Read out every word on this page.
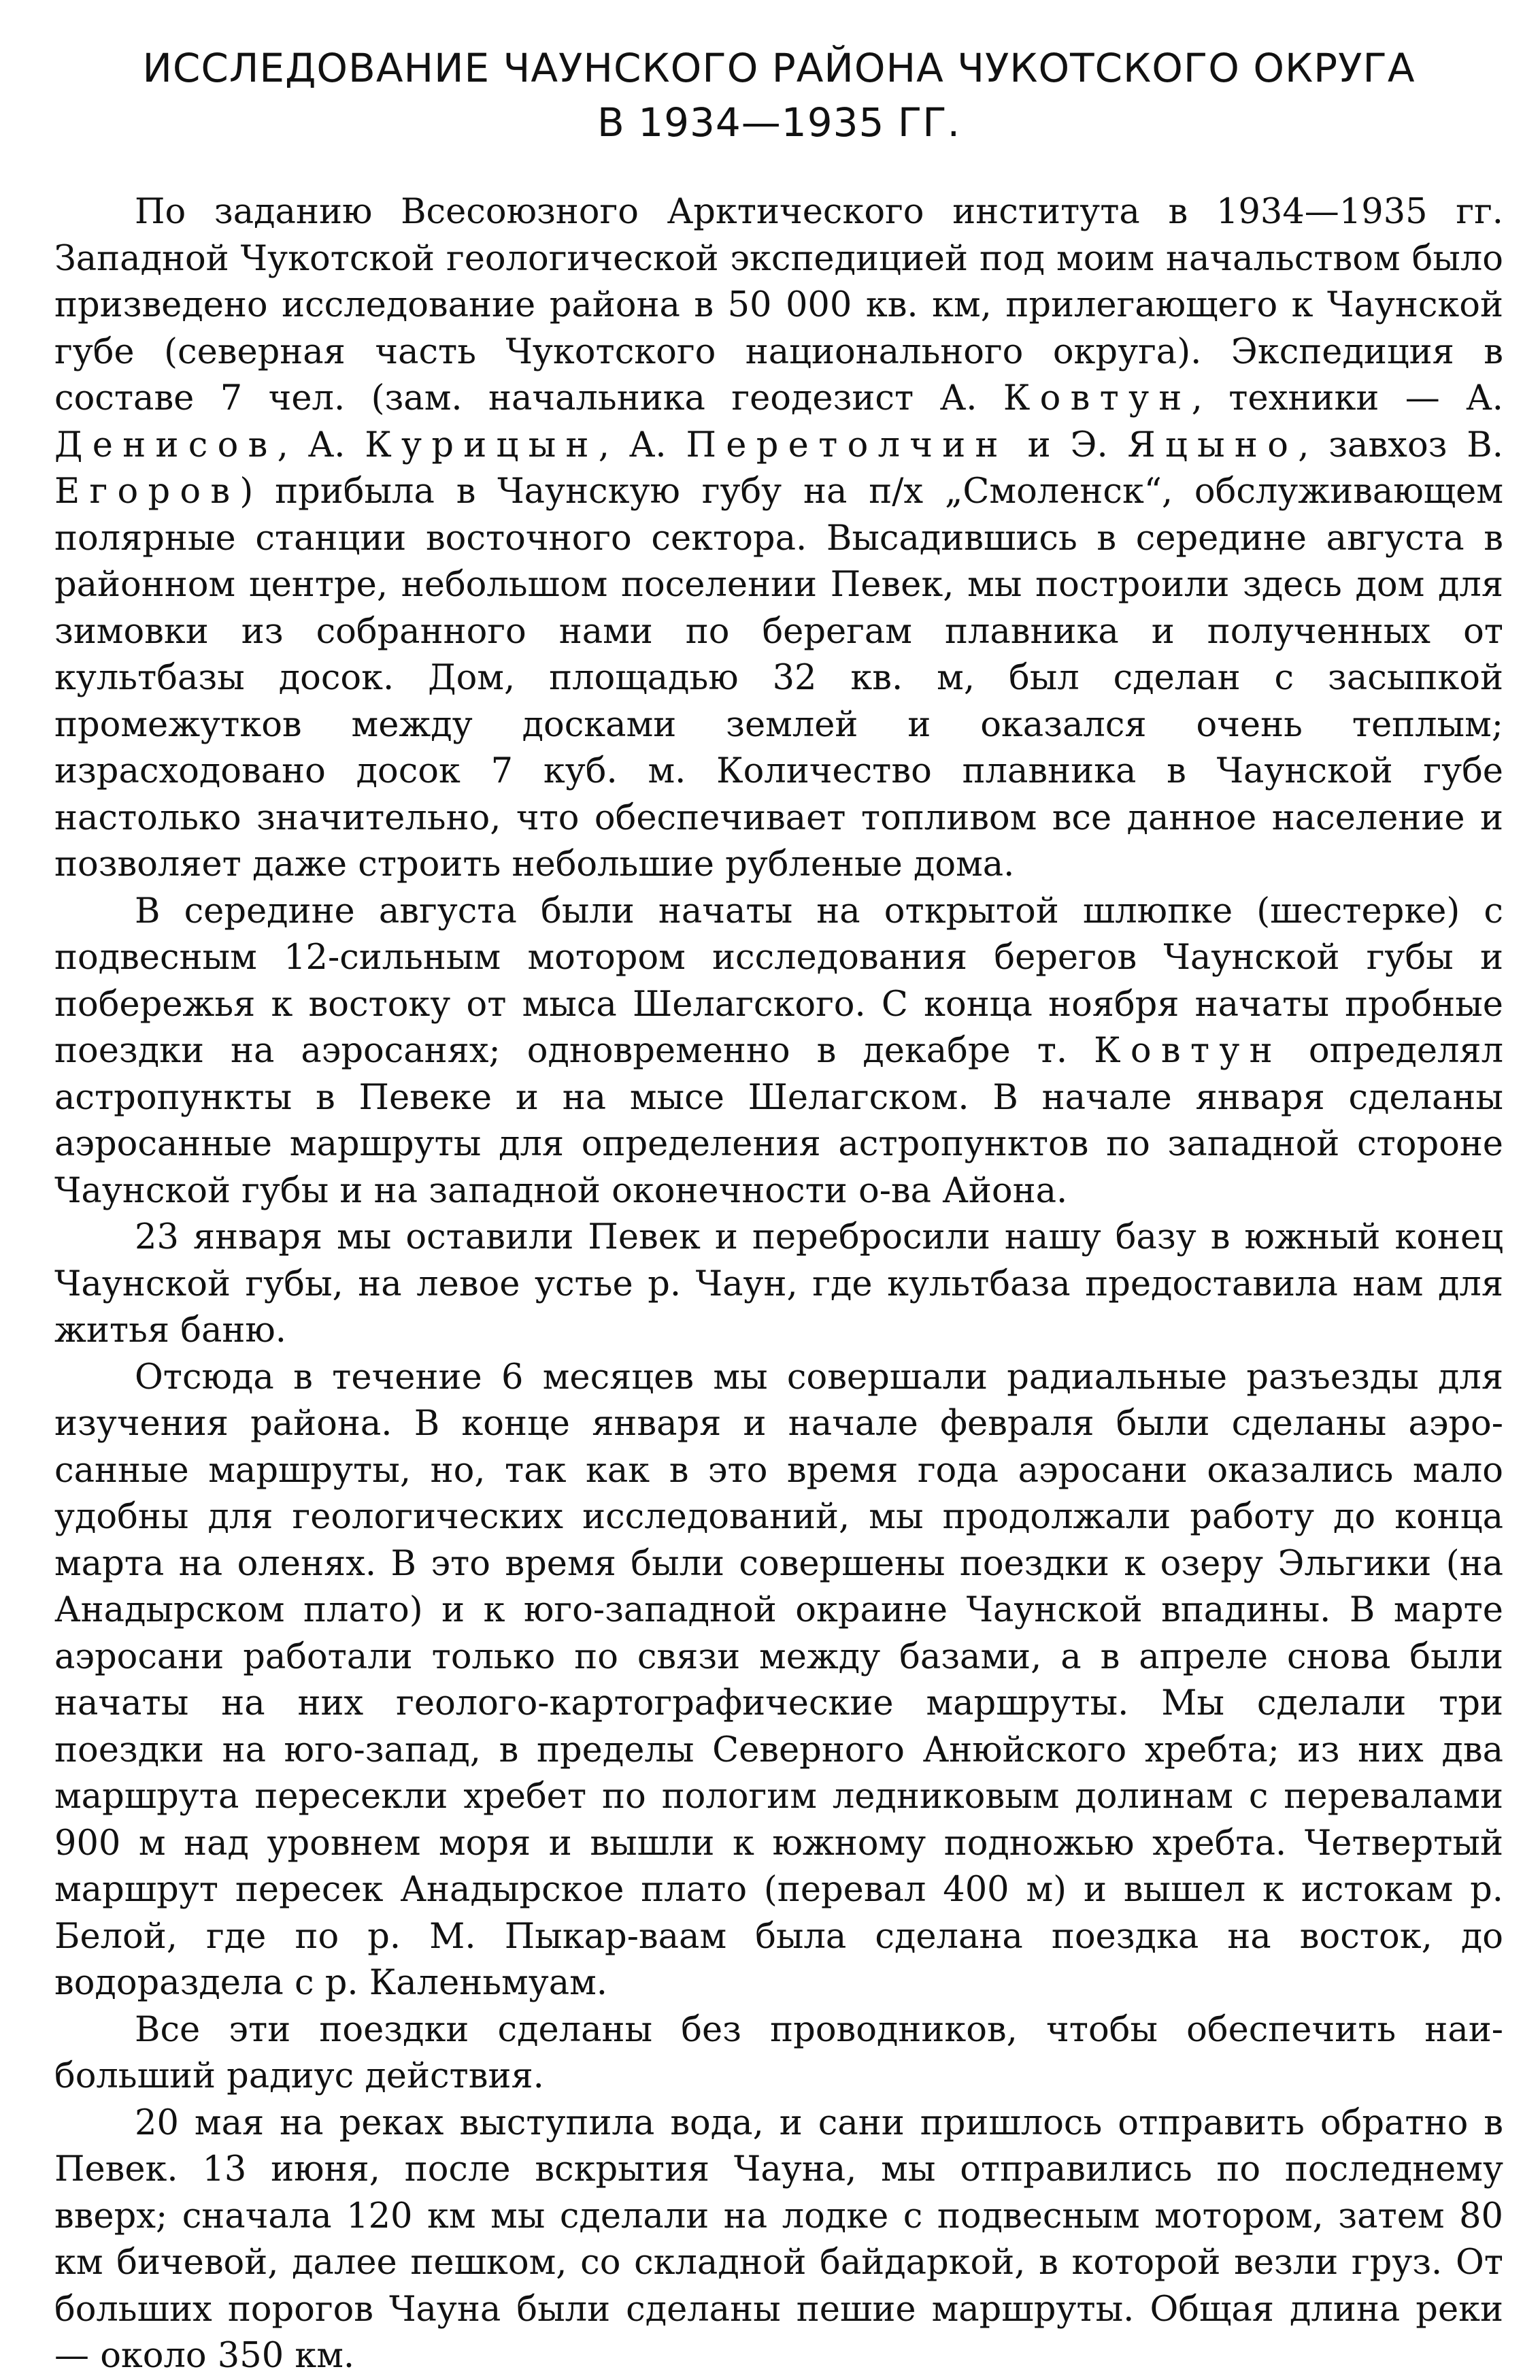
ИССЛЕДОВАНИЕ ЧАУНСКОГО РАЙОНА ЧУКОТСКОГО ОКРУГА
В 1934—1935 ГГ.

По заданию Всесоюзного Арктического института в 1934—1935 гг. Западной Чукотской геологической экспедицией под моим начальством было призведено исследование района в 50 000 кв. км, прилегающего к Чаунской губе (северная часть Чукотского национального округа). Экспедиция в составе 7 чел. (зам. начальника геодезист А. Ковтун, техники — А. Денисов, А. Курицын, А. Перетолчин и Э. Яцыно, завхоз В. Егоров) прибыла в Чаунскую губу на п/х „Смоленск“, обслуживающем полярные станции восточного сектора. Высадившись в середине августа в районном центре, небольшом поселении Певек, мы построили здесь дом для зимовки из собранного нами по берегам плавника и полученных от культбазы досок. Дом, площадью 32 кв. м, был сделан с засыпкой промежутков между досками землей и оказался очень теплым; израсходовано досок 7 куб. м. Количество плавника в Чаунской губе настолько значительно, что обеспечивает топливом все данное население и позволяет даже строить небольшие рубленые дома.

В середине августа были начаты на открытой шлюпке (шестерке) с подвесным 12-сильным мотором исследования берегов Чаунской губы и побережья к востоку от мыса Шелагского. С конца ноября начаты пробные поездки на аэросанях; одновременно в декабре т. Ковтун определял астропункты в Певеке и на мысе Шелагском. В начале января сделаны аэросанные маршруты для определения астропунктов по западной стороне Чаунской губы и на западной оконечности о-ва Айона.

23 января мы оставили Певек и перебросили нашу базу в южный конец Чаунской губы, на левое устье р. Чаун, где культбаза предоставила нам для житья баню.

Отсюда в течение 6 месяцев мы совершали радиальные разъезды для изучения района. В конце января и начале февраля были сделаны аэросанные маршруты, но, так как в это время года аэросани оказались мало удобны для геологических исследований, мы продолжали работу до конца марта на оленях. В это время были совершены поездки к озеру Эльгики (на Анадырском плато) и к юго-западной окраине Чаунской впадины. В марте аэросани работали только по связи между базами, а в апреле снова были начаты на них геолого-картографические маршруты. Мы сделали три поездки на юго-запад, в пределы Северного Анюйского хребта; из них два маршрута пересекли хребет по пологим ледниковым долинам с перевалами 900 м над уровнем моря и вышли к южному подножью хребта. Четвертый маршрут пересек Анадырское плато (перевал 400 м) и вышел к истокам р. Белой, где по р. М. Пыкар-ваам была сделана поездка на восток, до водораздела с р. Каленьмуам.

Все эти поездки сделаны без проводников, чтобы обеспечить наибольший радиус действия.

20 мая на реках выступила вода, и сани пришлось отправить обратно в Певек. 13 июня, после вскрытия Чауна, мы отправились по последнему вверх; сначала 120 км мы сделали на лодке с подвесным мотором, затем 80 км бичевой, далее пешком, со складной байдаркой, в которой везли груз. От больших порогов Чауна были сделаны пешие маршруты. Общая длина реки — около 350 км.
